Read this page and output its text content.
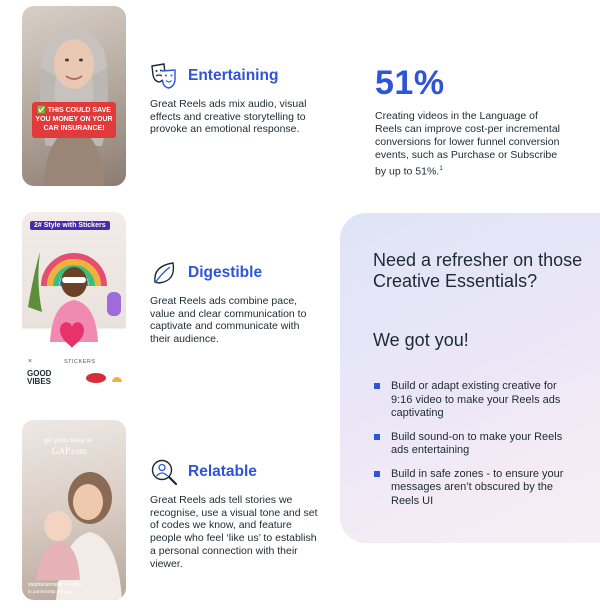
✅ THIS COULD SAVE YOU MONEY ON YOUR CAR INSURANCE!
2# Style with Stickers
×	STICKERS
GOOD VIBES
get yours today at
GAP.com
stephaniemalfie • Follow
In partnership with gap
Entertaining
Great Reels ads mix audio, visual effects and creative storytelling to provoke an emotional response.
Digestible
Great Reels ads combine pace, value and clear communication to captivate and communicate with their audience.
Relatable
Great Reels ads tell stories we recognise, use a visual tone and set of codes we know, and feature people who feel ‘like us’ to establish a personal connection with their viewer.
51%
Creating videos in the Language of Reels can improve cost-per incremental conversions for lower funnel conversion events, such as Purchase or Subscribe by up to 51%.$^1$
Need a refresher on those Creative Essentials?
We got you!
Build or adapt existing creative for 9:16 video to make your Reels ads captivating
Build sound-on to make your Reels ads entertaining
Build in safe zones - to ensure your messages aren’t obscured by the Reels UI
